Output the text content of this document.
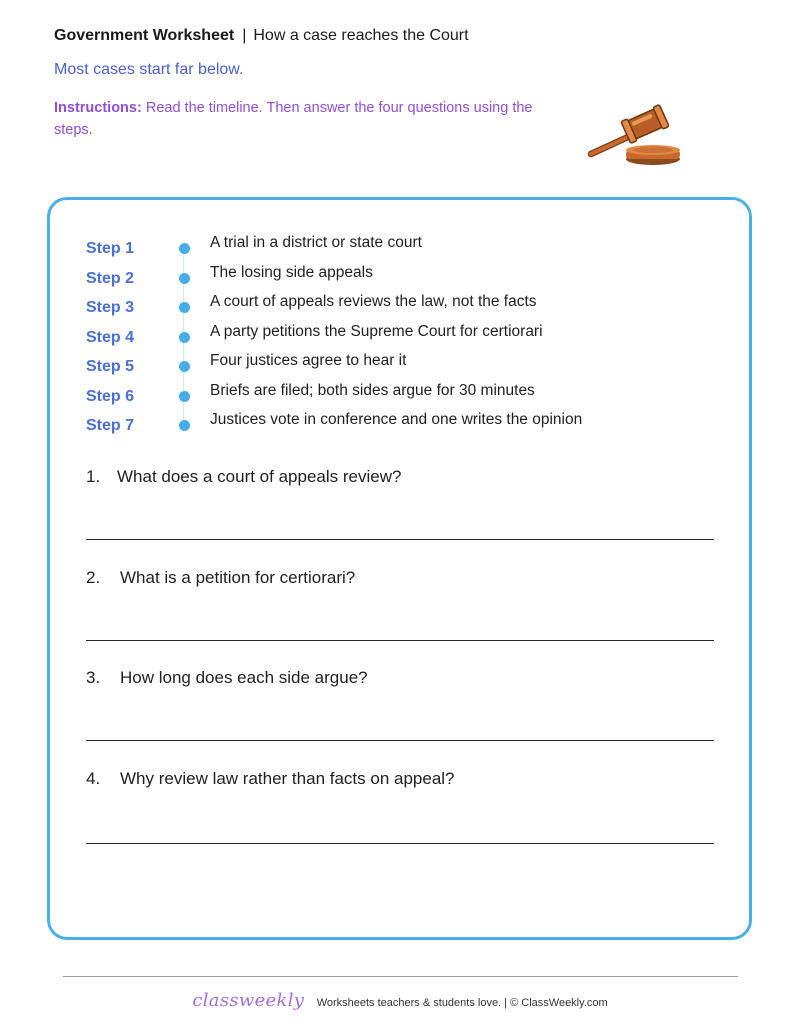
Government Worksheet | How a case reaches the Court
Most cases start far below.
Instructions: Read the timeline. Then answer the four questions using the steps.
Step 1	A trial in a district or state court
Step 2	The losing side appeals
Step 3	A court of appeals reviews the law, not the facts
Step 4	A party petitions the Supreme Court for certiorari
Step 5	Four justices agree to hear it
Step 6	Briefs are filed; both sides argue for 30 minutes
Step 7	Justices vote in conference and one writes the opinion
1. What does a court of appeals review?
2. What is a petition for certiorari?
3. How long does each side argue?
4. Why review law rather than facts on appeal?
classweekly Worksheets teachers & students love. | © ClassWeekly.com
